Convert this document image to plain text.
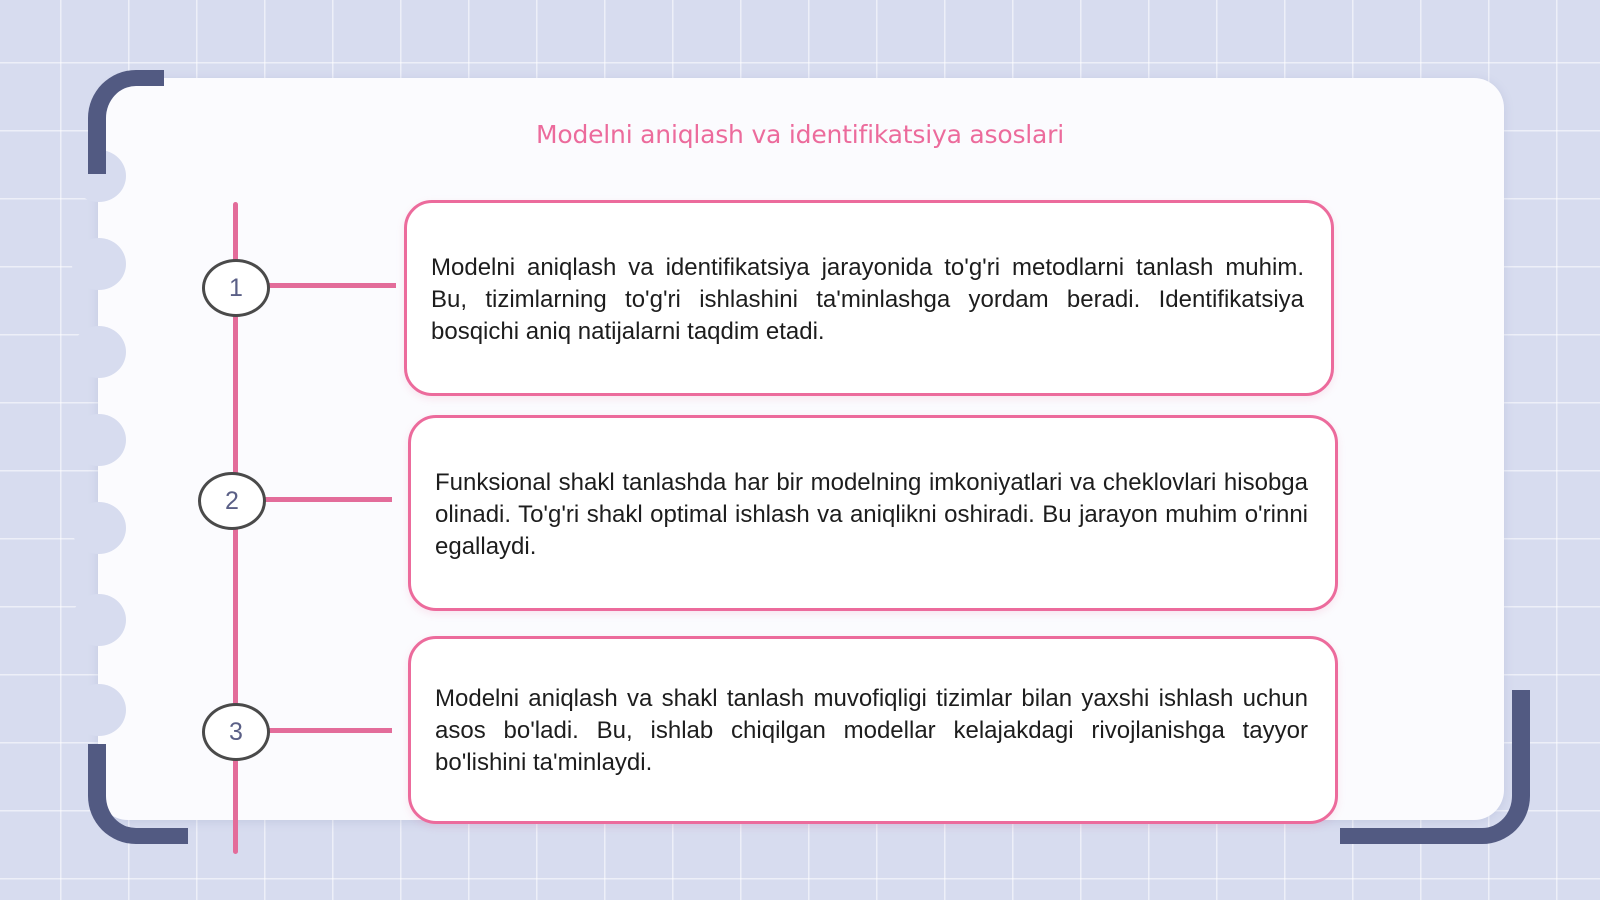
Modelni aniqlash va identifikatsiya asoslari
1
2
3
Modelni aniqlash va identifikatsiya jarayonida to'g'ri metodlarni tanlash muhim. Bu, tizimlarning to'g'ri ishlashini ta'minlashga yordam beradi. Identifikatsiya bosqichi aniq natijalarni taqdim etadi.
Funksional shakl tanlashda har bir modelning imkoniyatlari va cheklovlari hisobga olinadi. To'g'ri shakl optimal ishlash va aniqlikni oshiradi. Bu jarayon muhim o'rinni egallaydi.
Modelni aniqlash va shakl tanlash muvofiqligi tizimlar bilan yaxshi ishlash uchun asos bo'ladi. Bu, ishlab chiqilgan modellar kelajakdagi rivojlanishga tayyor bo'lishini ta'minlaydi.
